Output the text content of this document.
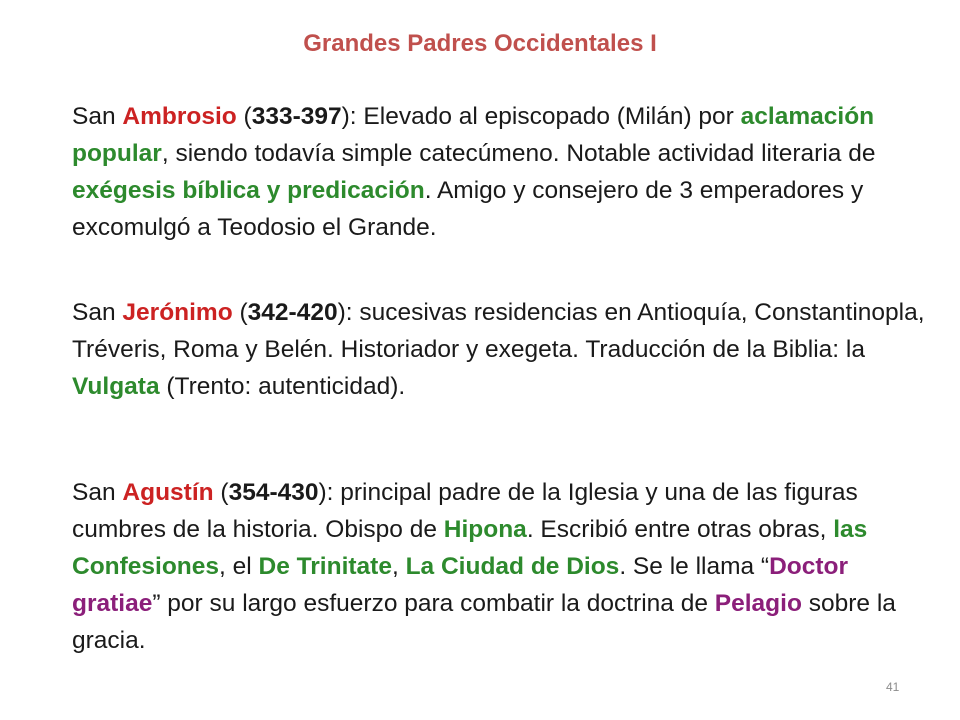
Grandes Padres Occidentales I
San Ambrosio (333-397): Elevado al episcopado (Milán) por aclamación popular, siendo todavía simple catecúmeno. Notable actividad literaria de exégesis bíblica y predicación. Amigo y consejero de 3 emperadores y excomulgó a Teodosio el Grande.
San Jerónimo (342-420): sucesivas residencias en Antioquía, Constantinopla, Tréveris, Roma y Belén. Historiador y exegeta. Traducción de la Biblia: la Vulgata (Trento: autenticidad).
San Agustín (354-430): principal padre de la Iglesia y una de las figuras cumbres de la historia. Obispo de Hipona. Escribió entre otras obras, las Confesiones, el De Trinitate, La Ciudad de Dios. Se le llama “Doctor gratiae” por su largo esfuerzo para combatir la doctrina de Pelagio sobre la gracia.
41
